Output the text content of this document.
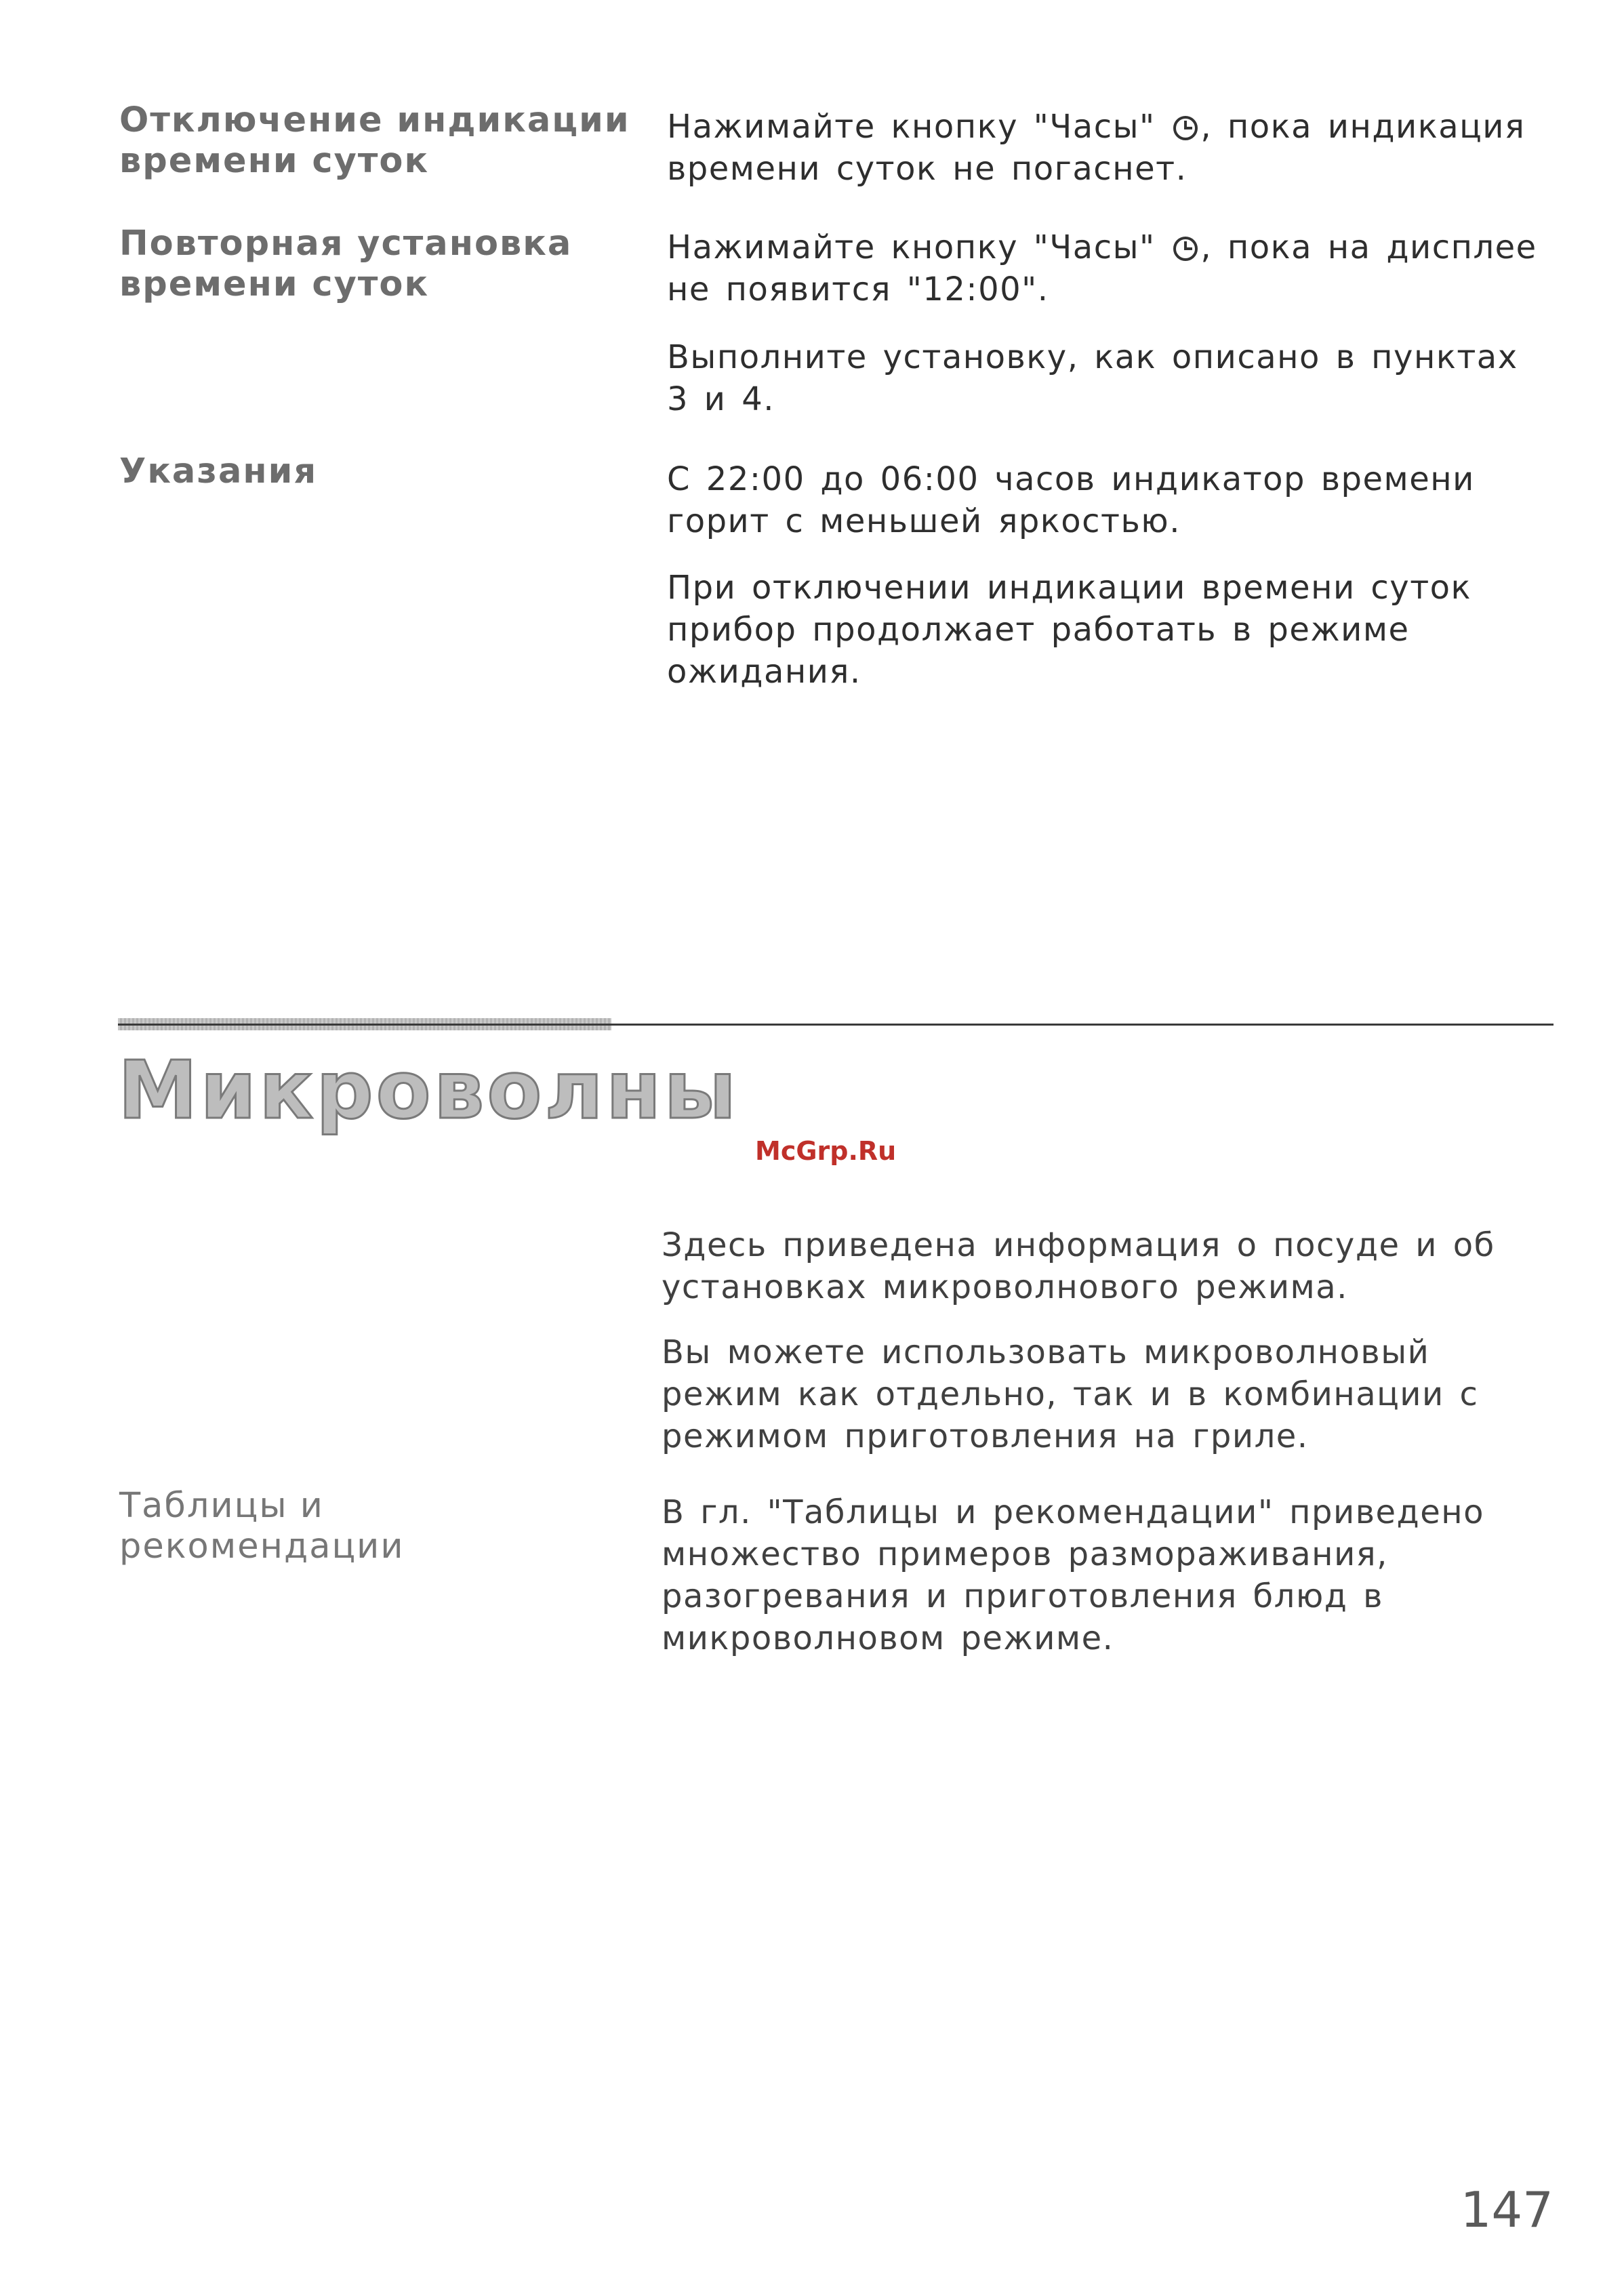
Отключение индикации
времени суток
Нажимайте кнопку "Часы" , пока индикация времени суток не погаснет.
Повторная установка
времени суток
Нажимайте кнопку "Часы" , пока на дисплее не появится "12:00".
Выполните установку, как описано в пунктах 3 и 4.
Указания	С 22:00 до 06:00 часов индикатор времени горит с меньшей яркостью.
При отключении индикации времени суток прибор продолжает работать в режиме ожидания.
Микроволны
McGrp.Ru
Здесь приведена информация о посуде и об установках микроволнового режима.
Вы можете использовать микроволновый режим как отдельно, так и в комбинации с режимом приготовления на гриле.
Таблицы и
рекомендации
В гл. "Таблицы и рекомендации" приведено множество примеров размораживания, разогревания и приготовления блюд в микроволновом режиме.
147
